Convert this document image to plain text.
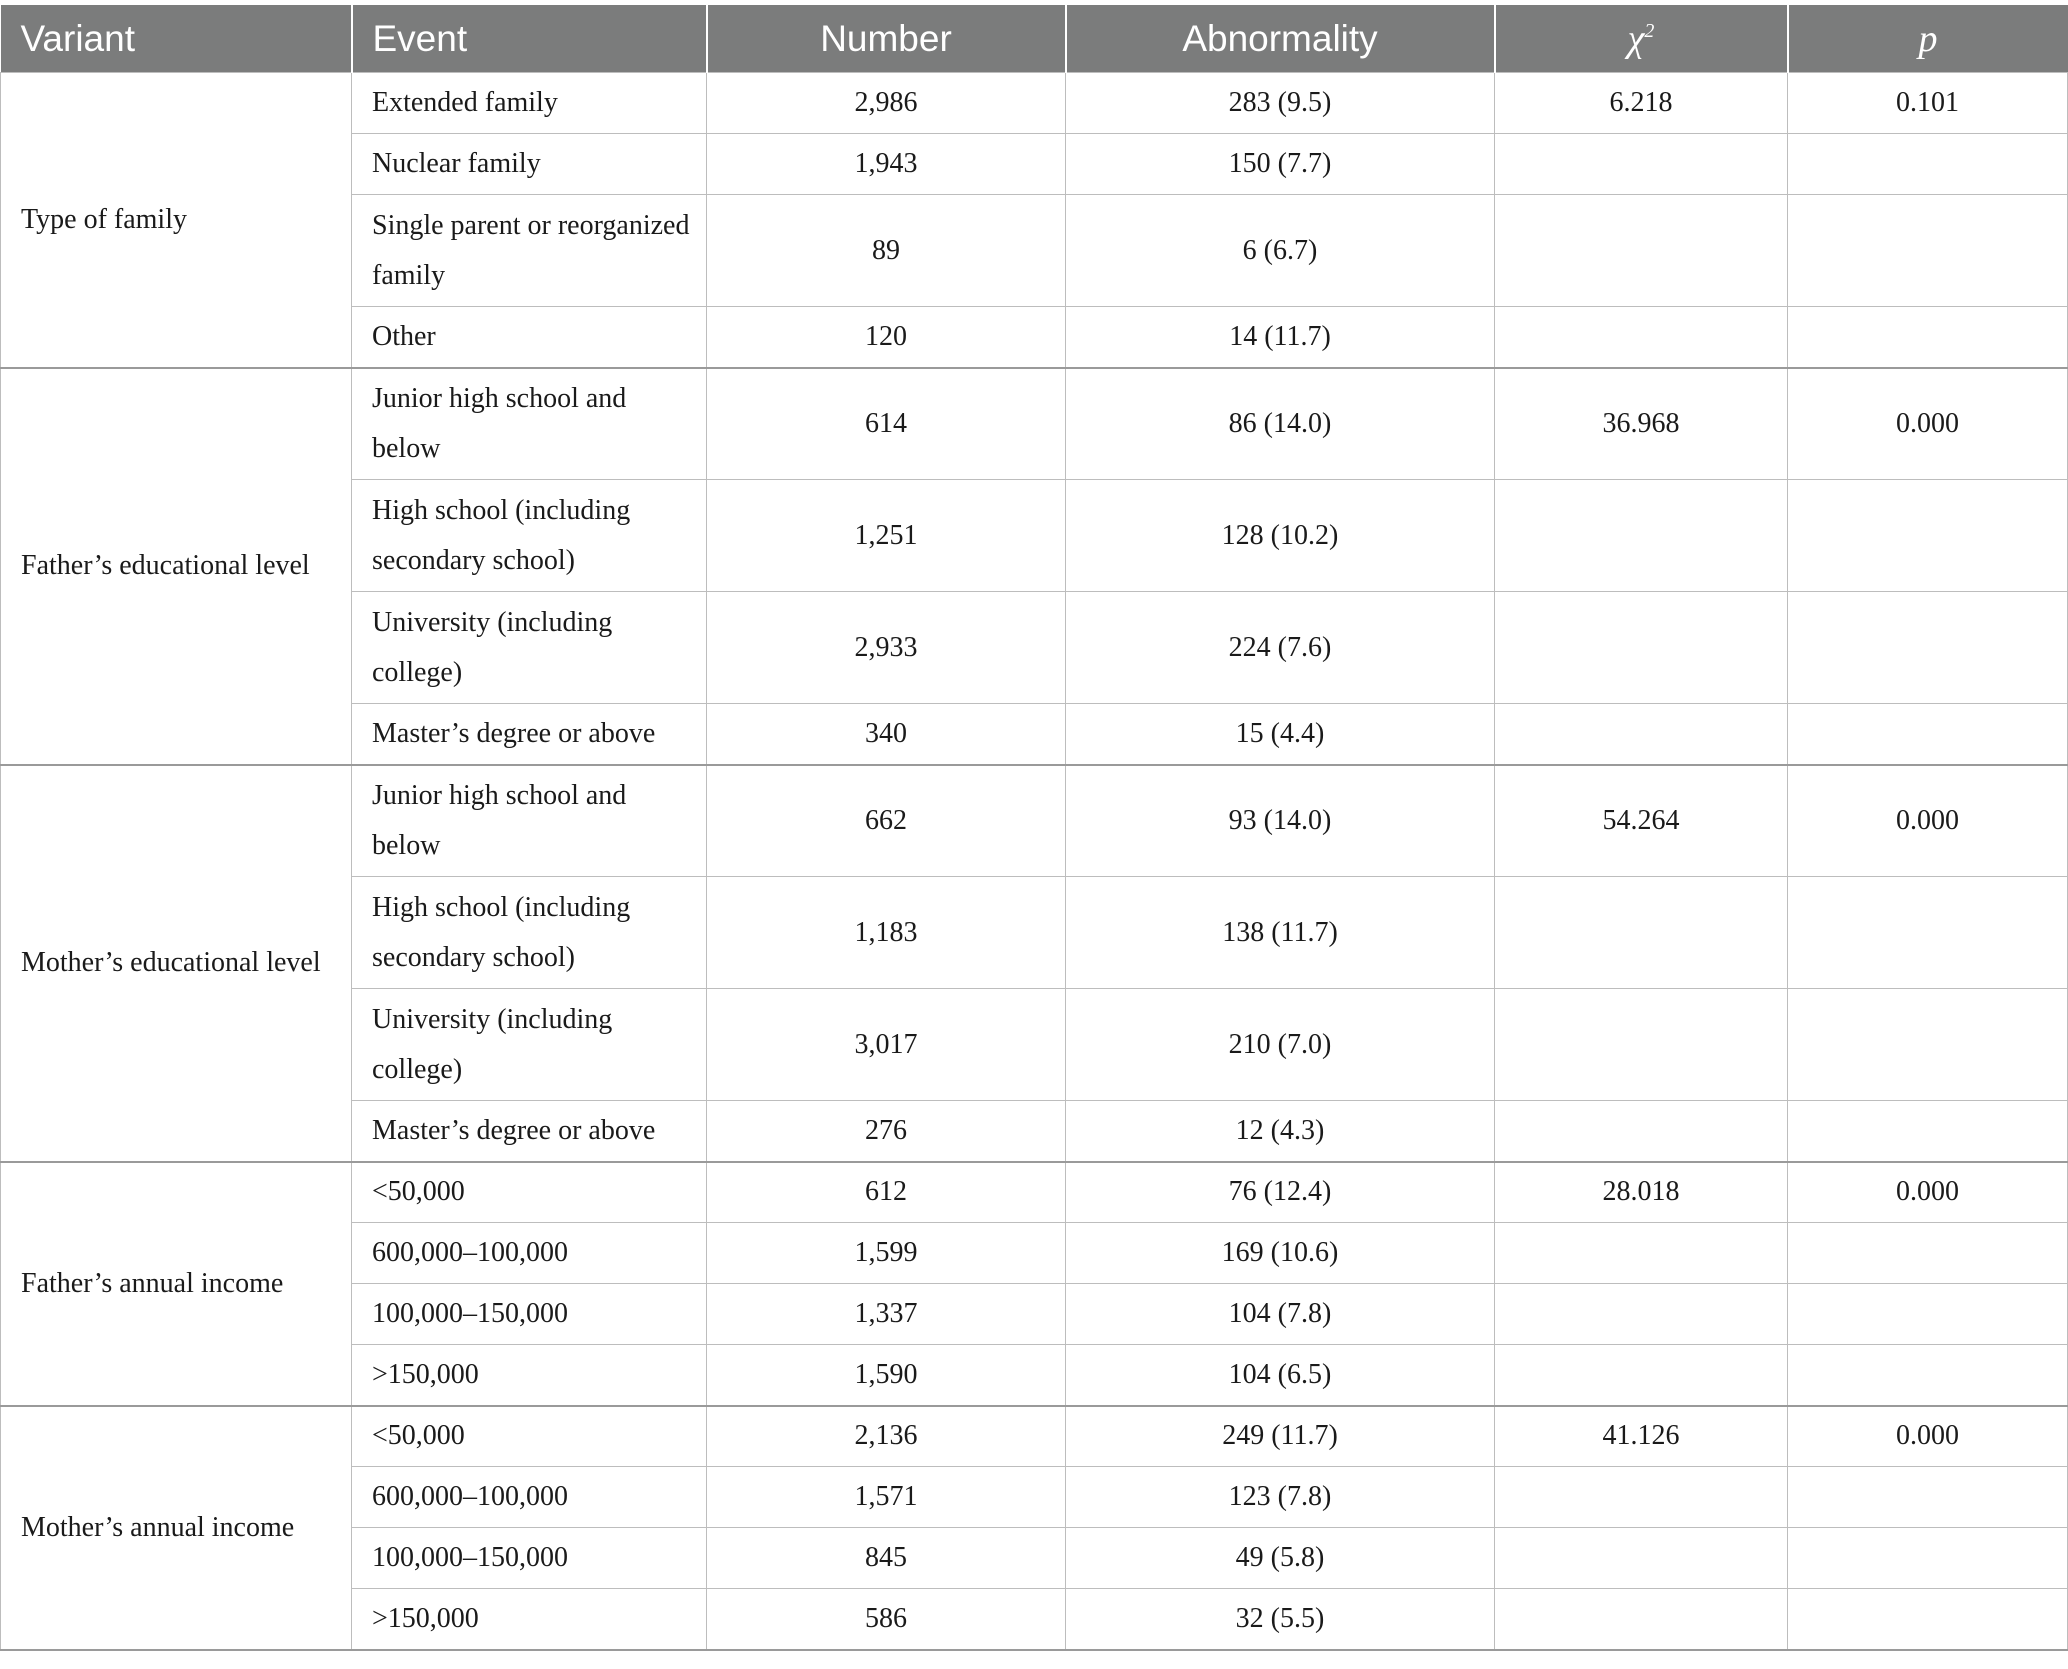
Variant	Event	Number	Abnormality	$\chi^2$	p
Type of family	Extended family	2,986	283 (9.5)	6.218	0.101
	Nuclear family	1,943	150 (7.7)		
	Single parent or reorganized family	89	6 (6.7)		
	Other	120	14 (11.7)		
Father’s educational level	Junior high school and below	614	86 (14.0)	36.968	0.000
	High school (including secondary school)	1,251	128 (10.2)		
	University (including college)	2,933	224 (7.6)		
	Master’s degree or above	340	15 (4.4)		
Mother’s educational level	Junior high school and below	662	93 (14.0)	54.264	0.000
	High school (including secondary school)	1,183	138 (11.7)		
	University (including college)	3,017	210 (7.0)		
	Master’s degree or above	276	12 (4.3)		
Father’s annual income	<50,000	612	76 (12.4)	28.018	0.000
	600,000–100,000	1,599	169 (10.6)		
	100,000–150,000	1,337	104 (7.8)		
	>150,000	1,590	104 (6.5)		
Mother’s annual income	<50,000	2,136	249 (11.7)	41.126	0.000
	600,000–100,000	1,571	123 (7.8)		
	100,000–150,000	845	49 (5.8)		
	>150,000	586	32 (5.5)		
